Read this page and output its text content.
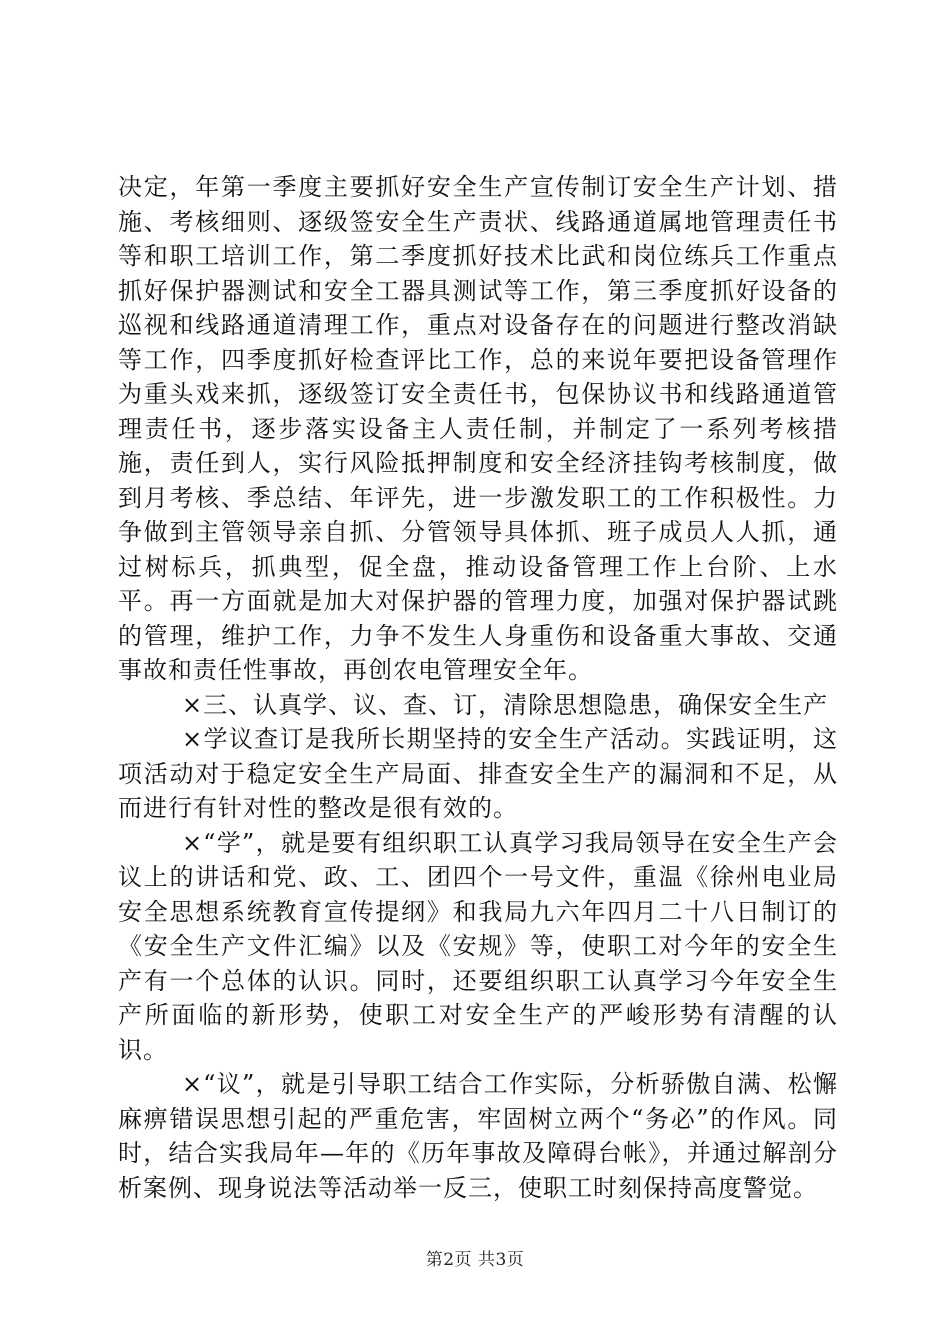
决定，年第一季度主要抓好安全生产宣传制订安全生产计划、措施、考核细则、逐级签安全生产责状、线路通道属地管理责任书等和职工培训工作，第二季度抓好技术比武和岗位练兵工作重点抓好保护器测试和安全工器具测试等工作，第三季度抓好设备的巡视和线路通道清理工作，重点对设备存在的问题进行整改消缺等工作，四季度抓好检查评比工作，总的来说年要把设备管理作为重头戏来抓，逐级签订安全责任书，包保协议书和线路通道管理责任书，逐步落实设备主人责任制，并制定了一系列考核措施，责任到人，实行风险抵押制度和安全经济挂钩考核制度，做到月考核、季总结、年评先，进一步激发职工的工作积极性。力争做到主管领导亲自抓、分管领导具体抓、班子成员人人抓，通过树标兵，抓典型，促全盘，推动设备管理工作上台阶、上水平。再一方面就是加大对保护器的管理力度，加强对保护器试跳的管理，维护工作，力争不发生人身重伤和设备重大事故、交通事故和责任性事故，再创农电管理安全年。

×三、认真学、议、查、订，清除思想隐患，确保安全生产

×学议查订是我所长期坚持的安全生产活动。实践证明，这项活动对于稳定安全生产局面、排查安全生产的漏洞和不足，从而进行有针对性的整改是很有效的。

×“学”，就是要有组织职工认真学习我局领导在安全生产会议上的讲话和党、政、工、团四个一号文件，重温《徐州电业局安全思想系统教育宣传提纲》和我局九六年四月二十八日制订的《安全生产文件汇编》以及《安规》等，使职工对今年的安全生产有一个总体的认识。同时，还要组织职工认真学习今年安全生产所面临的新形势，使职工对安全生产的严峻形势有清醒的认识。

×“议”，就是引导职工结合工作实际，分析骄傲自满、松懈麻痹错误思想引起的严重危害，牢固树立两个“务必”的作风。同时，结合实我局年—年的《历年事故及障碍台帐》，并通过解剖分析案例、现身说法等活动举一反三，使职工时刻保持高度警觉。

第2页 共3页
